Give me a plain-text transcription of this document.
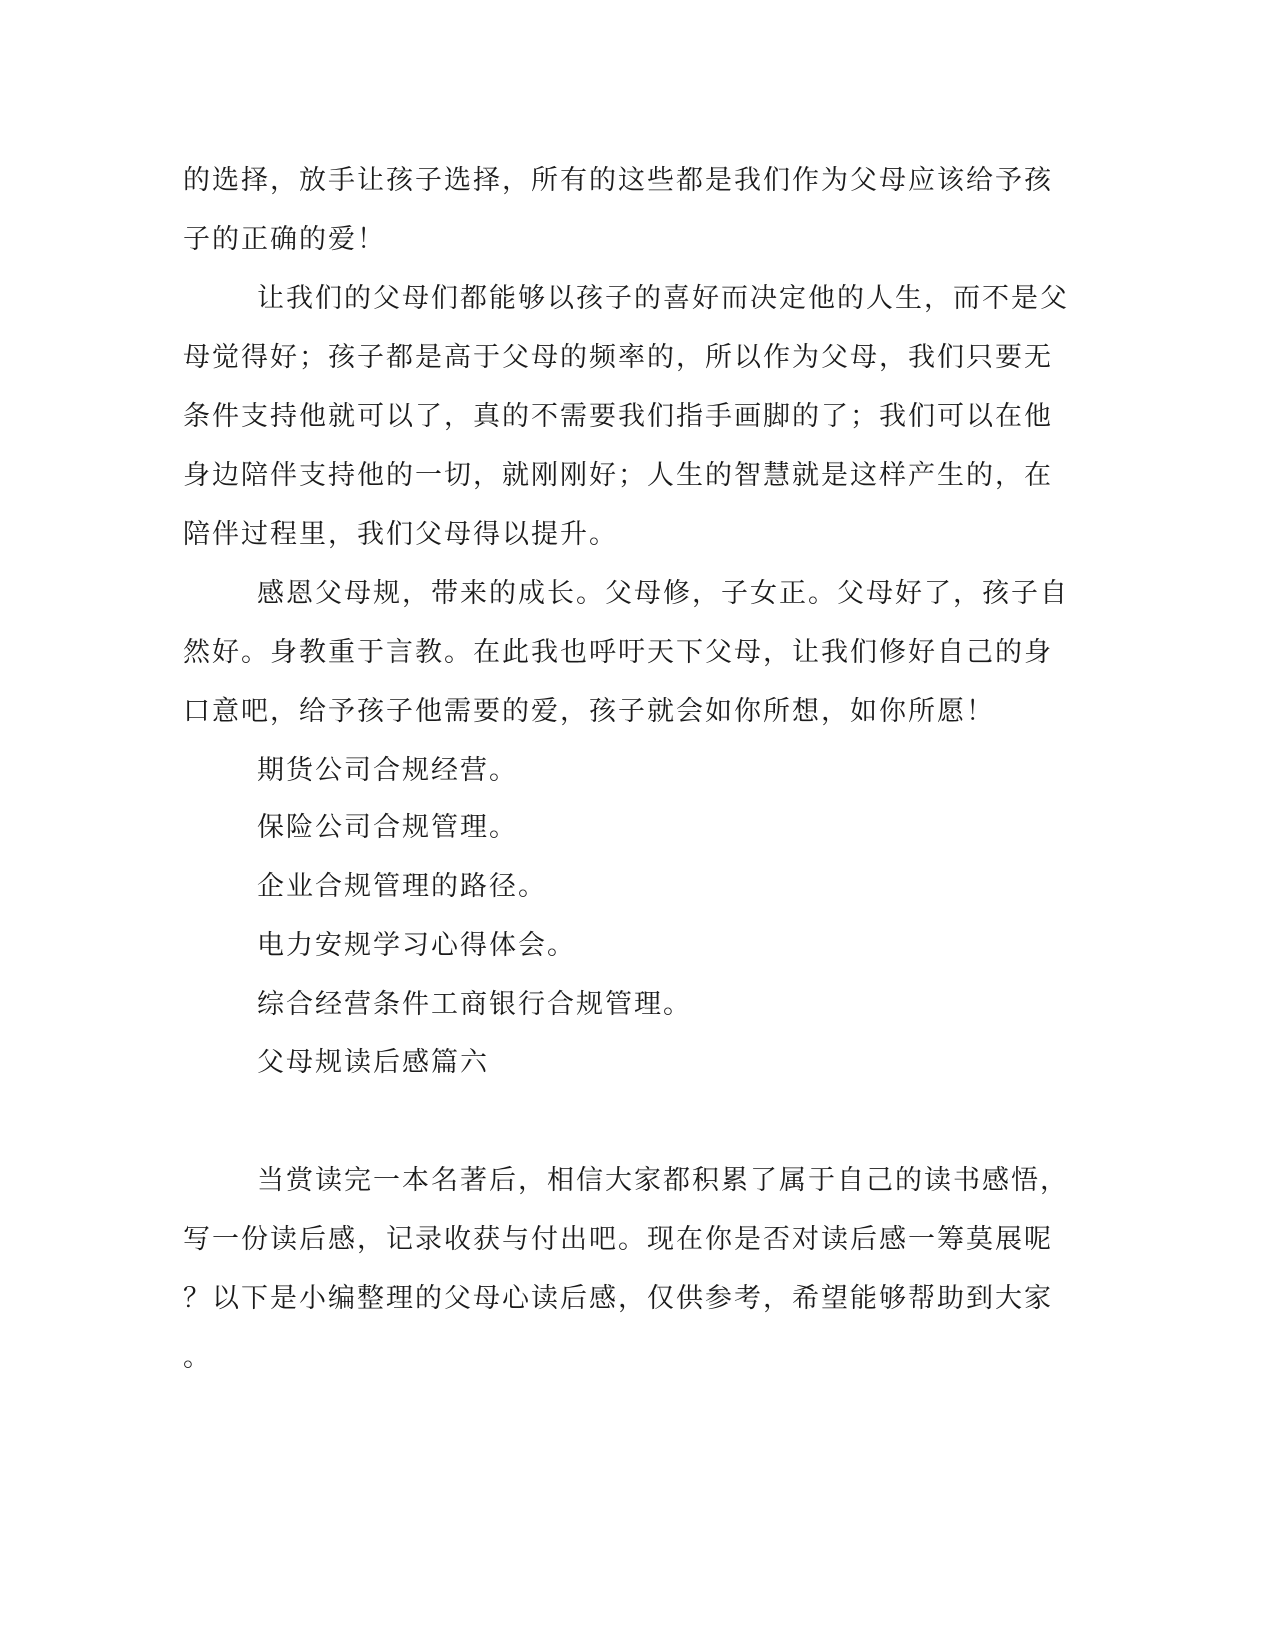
的选择，放手让孩子选择，所有的这些都是我们作为父母应该给予孩
子的正确的爱！
让我们的父母们都能够以孩子的喜好而决定他的人生，而不是父
母觉得好；孩子都是高于父母的频率的，所以作为父母，我们只要无
条件支持他就可以了，真的不需要我们指手画脚的了；我们可以在他
身边陪伴支持他的一切，就刚刚好；人生的智慧就是这样产生的，在
陪伴过程里，我们父母得以提升。
感恩父母规，带来的成长。父母修，子女正。父母好了，孩子自
然好。身教重于言教。在此我也呼吁天下父母，让我们修好自己的身
口意吧，给予孩子他需要的爱，孩子就会如你所想，如你所愿！
期货公司合规经营。
保险公司合规管理。
企业合规管理的路径。
电力安规学习心得体会。
综合经营条件工商银行合规管理。
父母规读后感篇六
当赏读完一本名著后，相信大家都积累了属于自己的读书感悟，
写一份读后感，记录收获与付出吧。现在你是否对读后感一筹莫展呢
？以下是小编整理的父母心读后感，仅供参考，希望能够帮助到大家
。
